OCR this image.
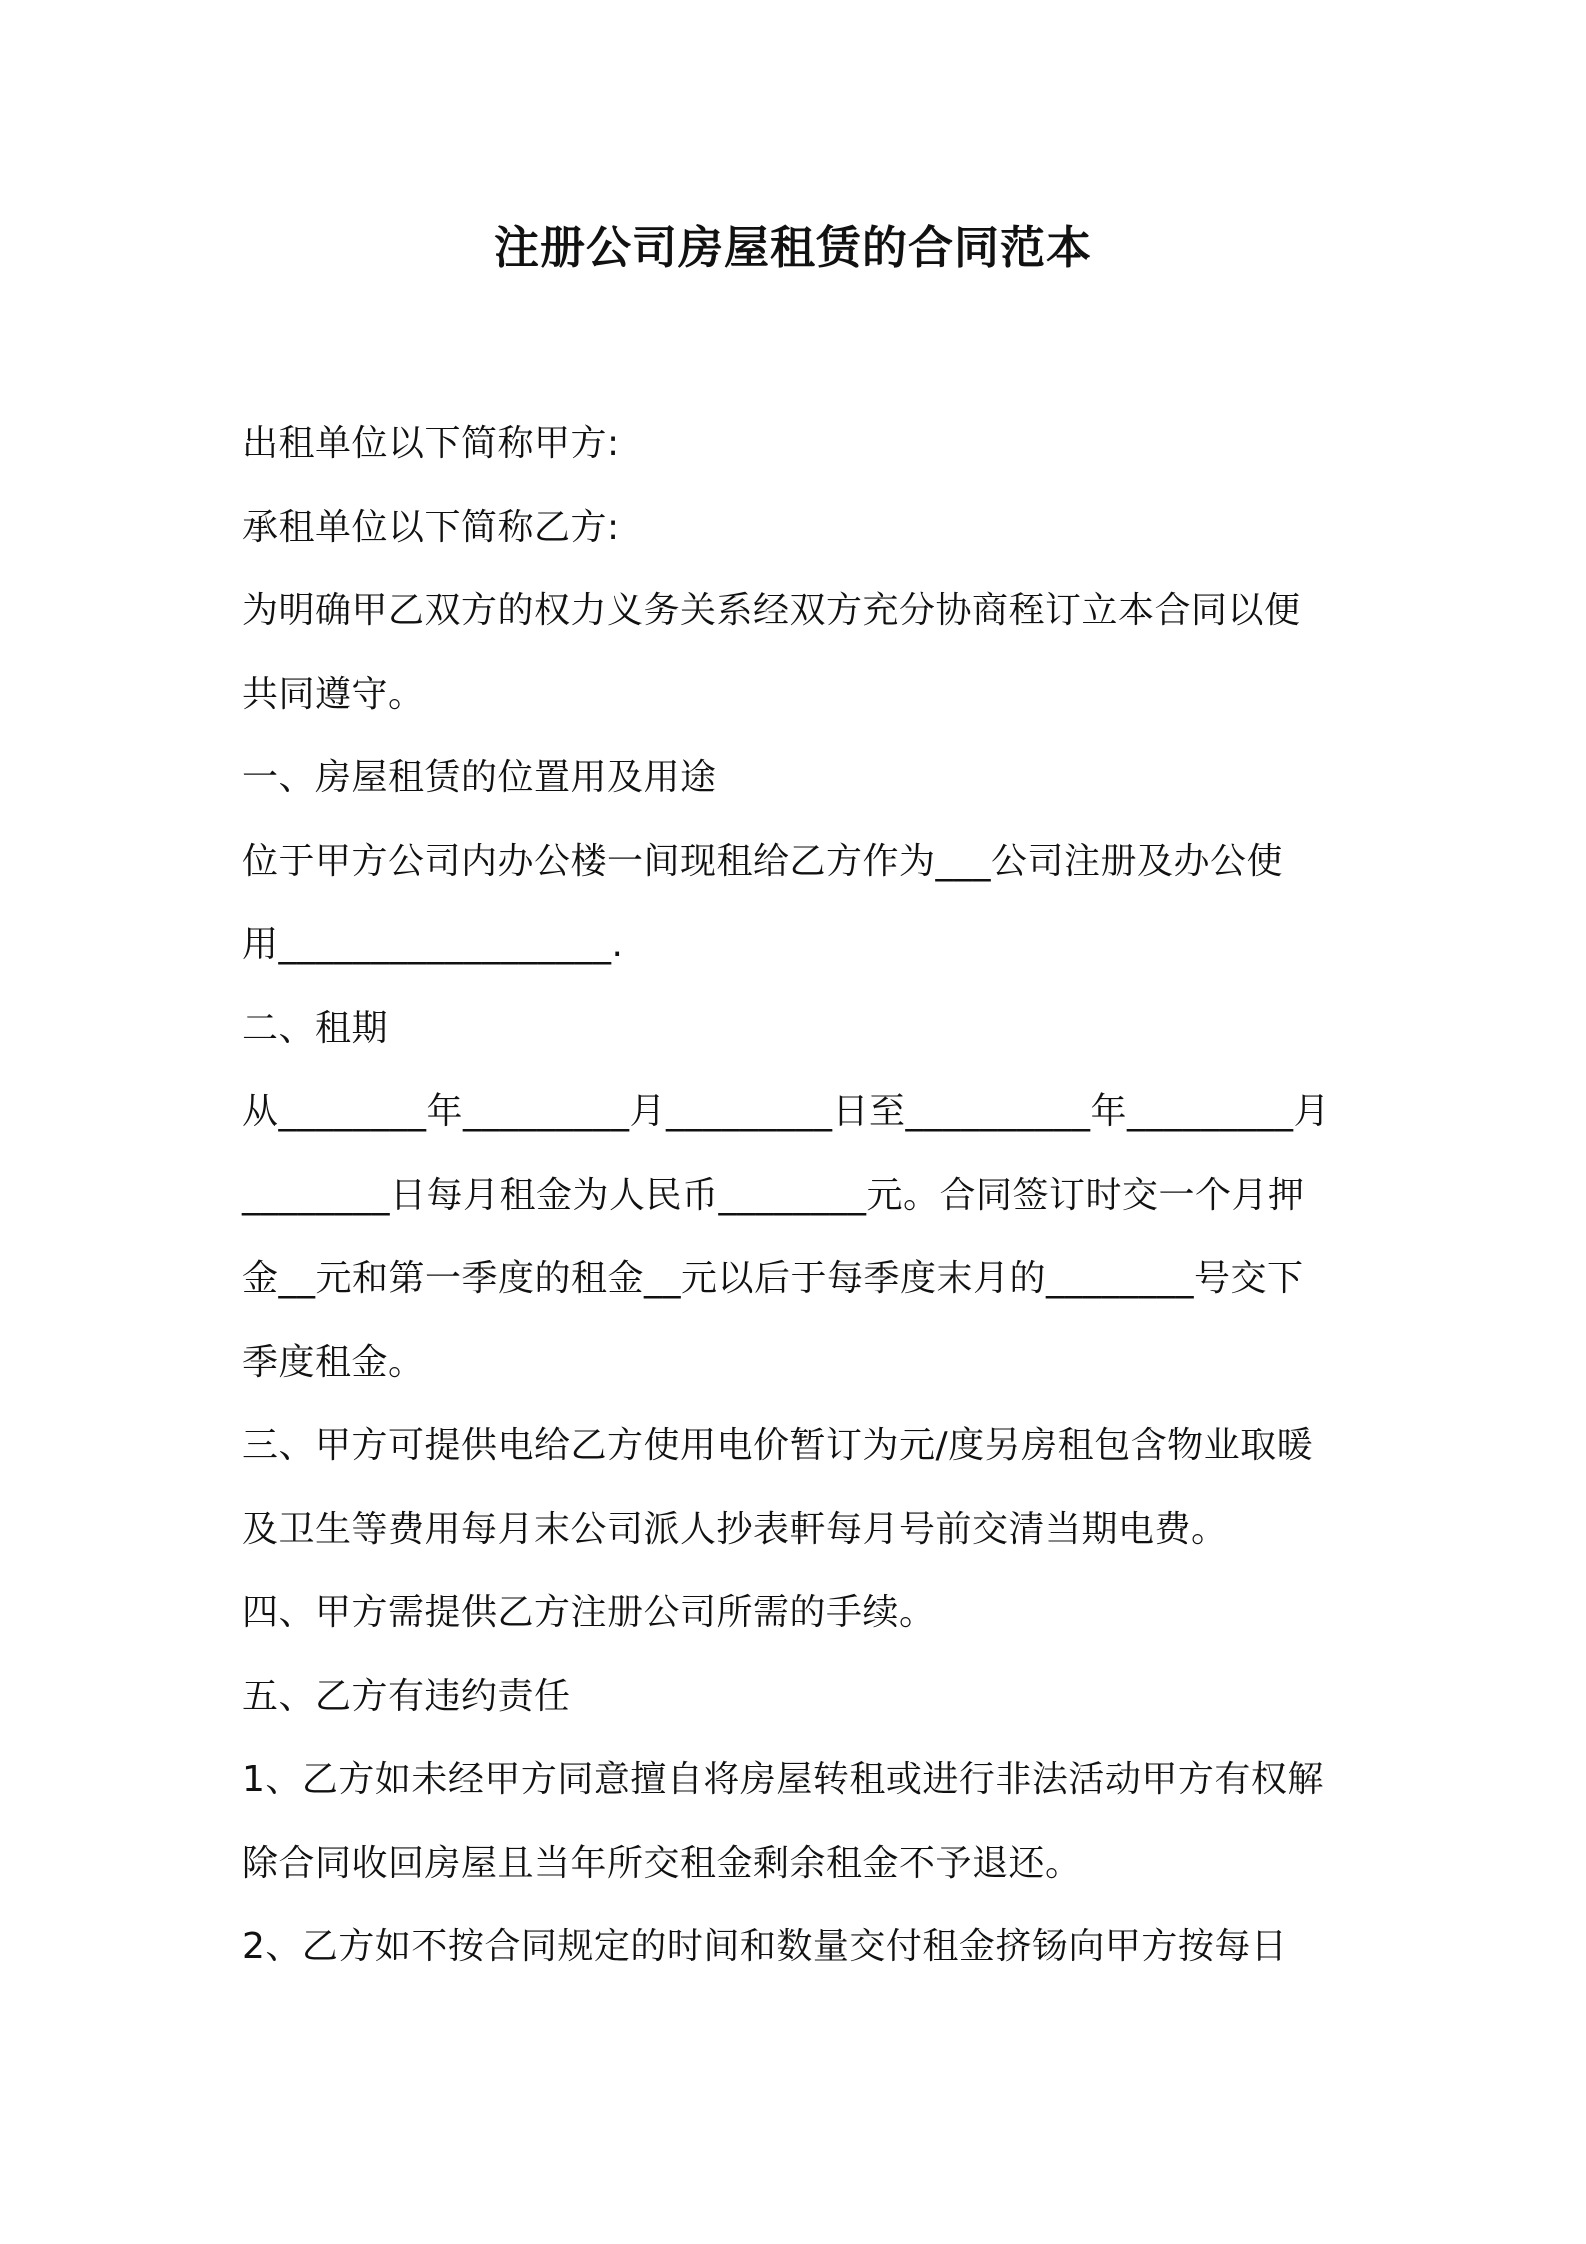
注册公司房屋租赁的合同范本
出租单位以下简称甲方:
承租单位以下简称乙方:
为明确甲乙双方的权力义务关系经双方充分协商秷订立本合同以便
共同遵守。
一、房屋租赁的位置用及用途
位于甲方公司内办公楼一间现租给乙方作为___公司注册及办公使
用__________________.
二、租期
从________年_________月_________日至__________年_________月
________日每月租金为人民币________元。合同签订时交一个月押
金__元和第一季度的租金__元以后于每季度末月的________号交下
季度租金。
三、甲方可提供电给乙方使用电价暂订为元/度另房租包含物业取暖
及卫生等费用每月末公司派人抄表軒每月号前交清当期电费。
四、甲方需提供乙方注册公司所需的手续。
五、乙方有违约责任
1、乙方如未经甲方同意擅自将房屋转租或进行非法活动甲方有权解
除合同收回房屋且当年所交租金剩余租金不予退还。
2、乙方如不按合同规定的时间和数量交付租金挤钖向甲方按每日
